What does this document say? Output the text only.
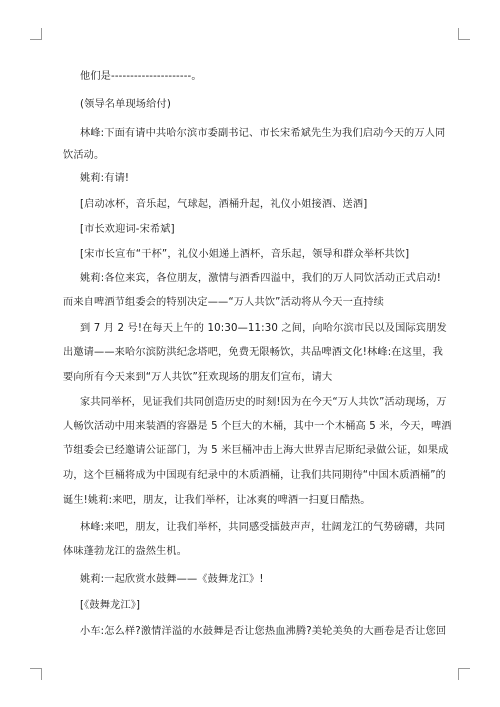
他们是---------------------。
(领导名单现场给付)
林峰:下面有请中共哈尔滨市委副书记、市长宋希斌先生为我们启动今天的万人同
饮活动。
姚莉:有请!
[启动冰杯，音乐起，气球起，酒桶升起，礼仪小姐接酒、送酒]
[市长欢迎词-宋希斌]
[宋市长宣布“干杯”，礼仪小姐递上酒杯，音乐起，领导和群众举杯共饮]
姚莉:各位来宾，各位朋友，激情与酒香四溢中，我们的万人同饮活动正式启动!
而来自啤酒节组委会的特别决定——“万人共饮”活动将从今天一直持续
到 7 月 2 号!在每天上午的 10:30—11:30 之间，向哈尔滨市民以及国际宾朋发
出邀请——来哈尔滨防洪纪念塔吧，免费无限畅饮，共品啤酒文化!林峰:在这里，我
要向所有今天来到“万人共饮”狂欢现场的朋友们宣布，请大
家共同举杯，见证我们共同创造历史的时刻!因为在今天“万人共饮”活动现场，万
人畅饮活动中用来装酒的容器是 5 个巨大的木桶，其中一个木桶高 5 米，今天，啤酒
节组委会已经邀请公证部门，为 5 米巨桶冲击上海大世界吉尼斯纪录做公证，如果成
功，这个巨桶将成为中国现有纪录中的木质酒桶，让我们共同期待“中国木质酒桶”的
诞生!姚莉:来吧，朋友，让我们举杯，让冰爽的啤酒一扫夏日酷热。
林峰:来吧，朋友，让我们举杯，共同感受擂鼓声声，壮阔龙江的气势磅礴，共同
体味蓬勃龙江的盎然生机。
姚莉:一起欣赏水鼓舞——《鼓舞龙江》!
[《鼓舞龙江》]
小车:怎么样?激情洋溢的水鼓舞是否让您热血沸腾?美轮美奂的大画卷是否让您回
